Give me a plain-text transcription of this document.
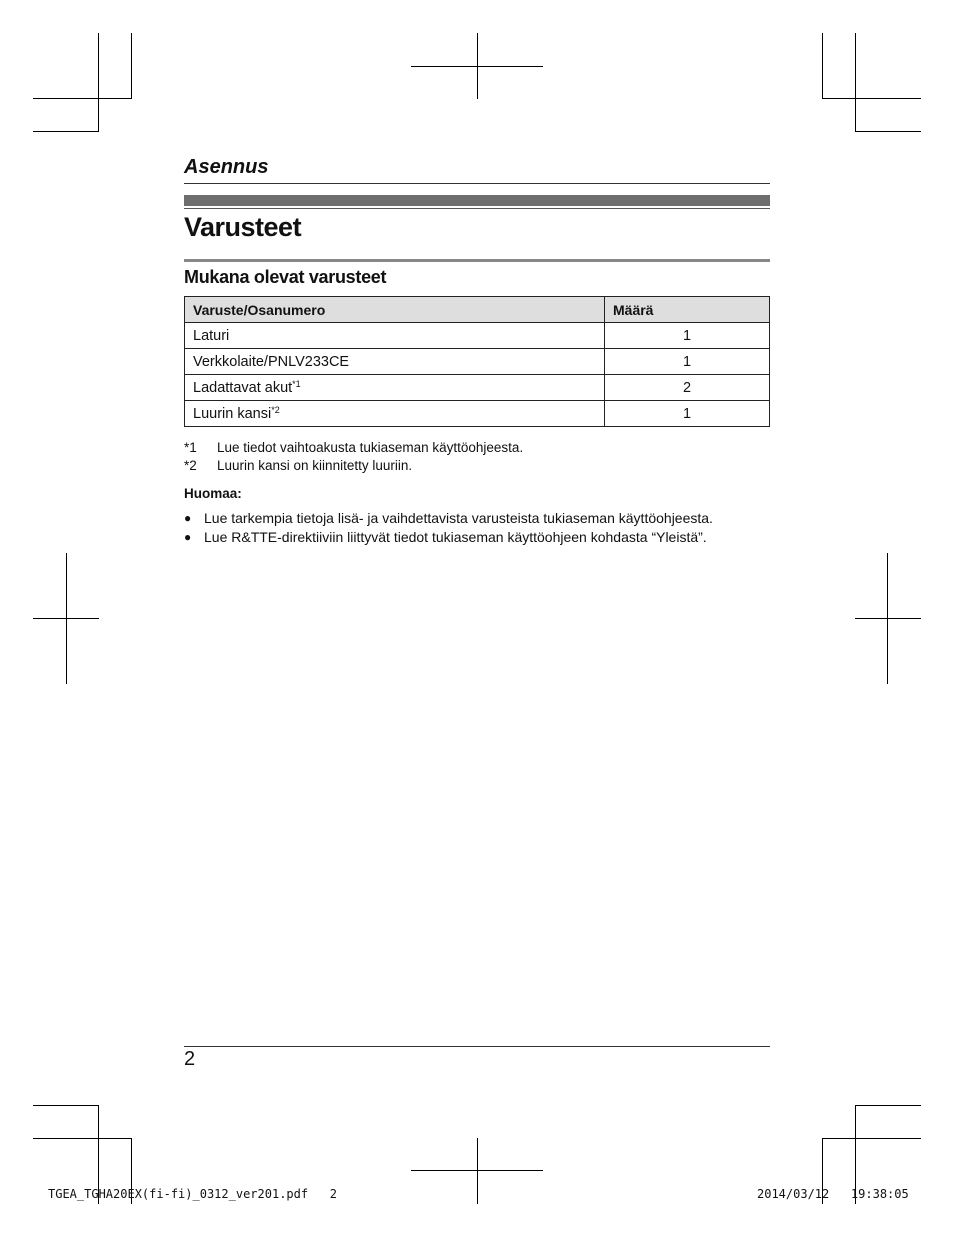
Asennus
Varusteet
Mukana olevat varusteet
Varuste/Osanumero	Määrä
Laturi	1
Verkkolaite/PNLV233CE	1
Ladattavat akut$^{*1}$	2
Luurin kansi$^{*2}$	1
*1	Lue tiedot vaihtoakusta tukiaseman käyttöohjeesta.
*2	Luurin kansi on kiinnitetty luuriin.
Huomaa:
● Lue tarkempia tietoja lisä- ja vaihdettavista varusteista tukiaseman käyttöohjeesta.
● Lue R&TTE-direktiiviin liittyvät tiedot tukiaseman käyttöohjeen kohdasta “Yleistä”.
2
TGEA_TGHA20EX(fi-fi)_0312_ver201.pdf   2	2014/03/12   19:38:05
